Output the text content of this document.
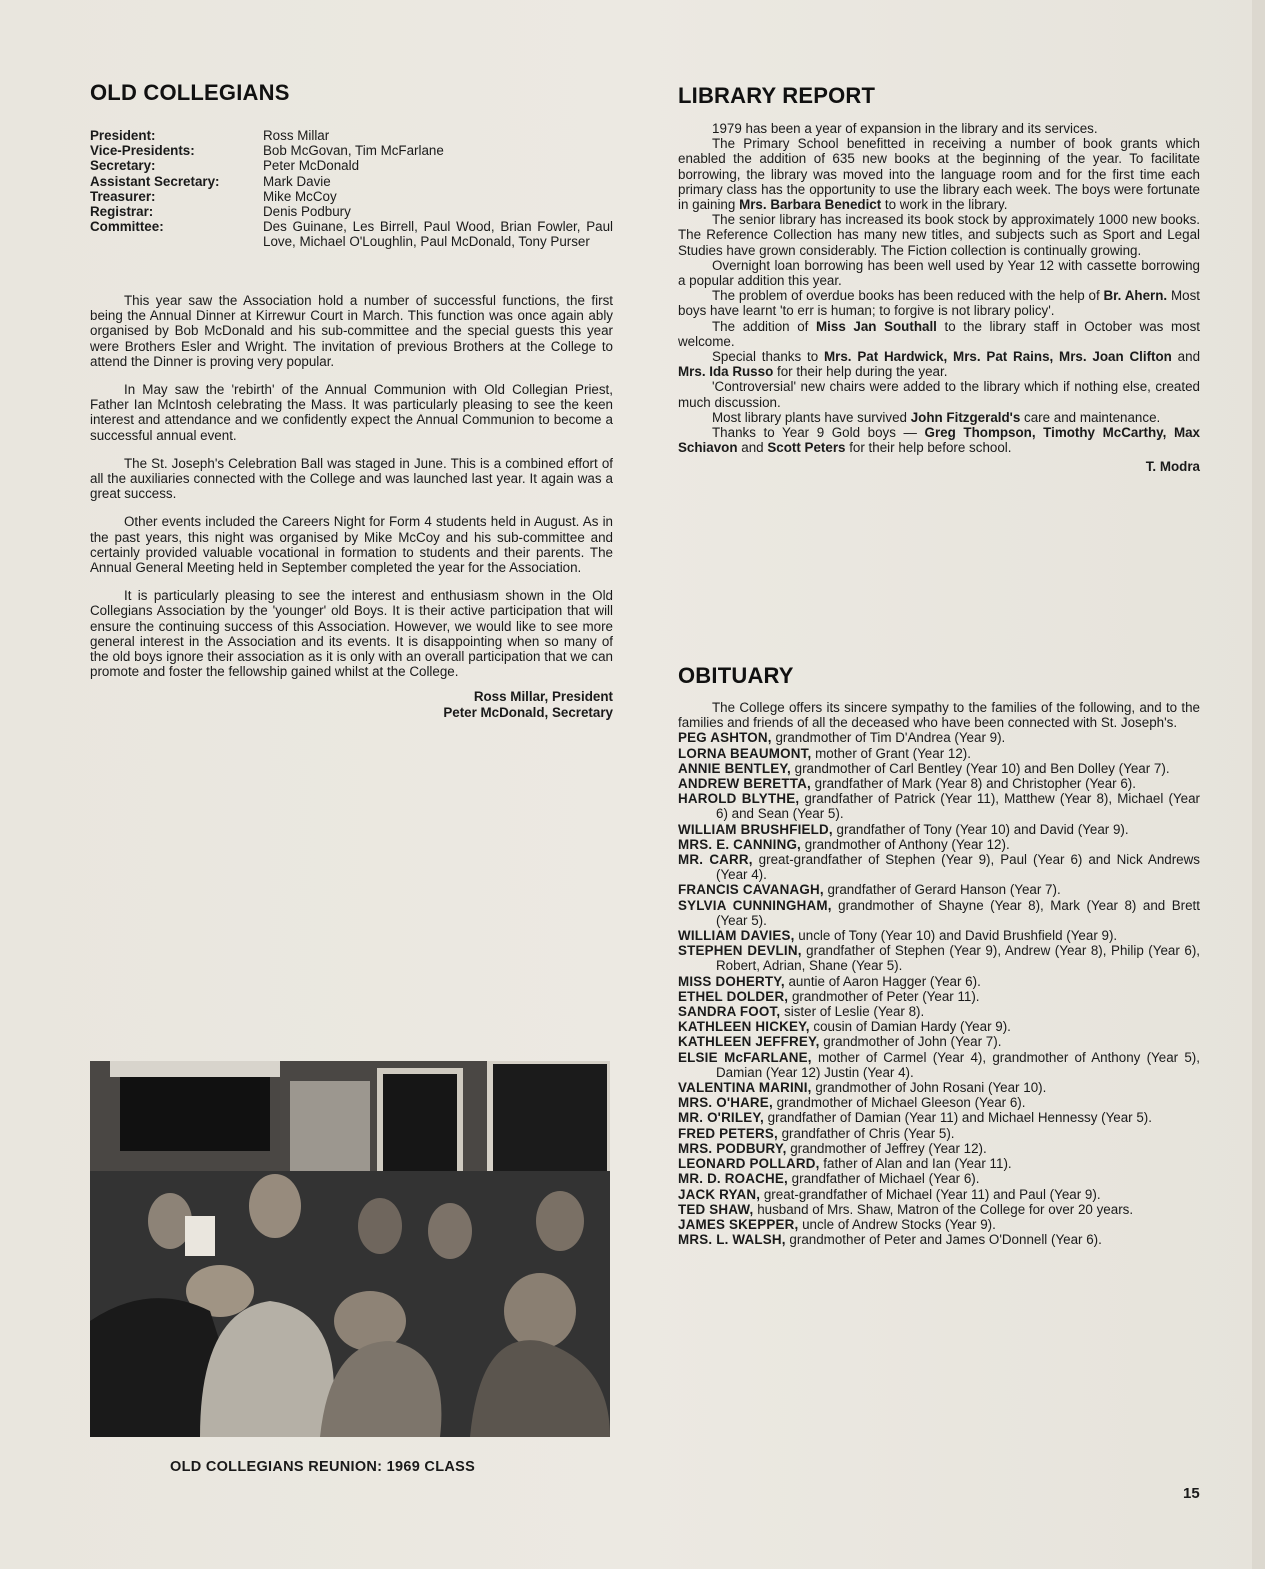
OLD COLLEGIANS
President:	Ross Millar
Vice-Presidents:	Bob McGovan, Tim McFarlane
Secretary:	Peter McDonald
Assistant Secretary:	Mark Davie
Treasurer:	Mike McCoy
Registrar:	Denis Podbury
Committee:	Des Guinane, Les Birrell, Paul Wood, Brian Fowler, Paul Love, Michael O'Loughlin, Paul McDonald, Tony Purser

This year saw the Association hold a number of successful functions, the first being the Annual Dinner at Kirrewur Court in March. This function was once again ably organised by Bob McDonald and his sub-committee and the special guests this year were Brothers Esler and Wright. The invitation of previous Brothers at the College to attend the Dinner is proving very popular.

In May saw the 'rebirth' of the Annual Communion with Old Collegian Priest, Father Ian McIntosh celebrating the Mass. It was particularly pleasing to see the keen interest and attendance and we confidently expect the Annual Communion to become a successful annual event.

The St. Joseph's Celebration Ball was staged in June. This is a combined effort of all the auxiliaries connected with the College and was launched last year. It again was a great success.

Other events included the Careers Night for Form 4 students held in August. As in the past years, this night was organised by Mike McCoy and his sub-committee and certainly provided valuable vocational in formation to students and their parents. The Annual General Meeting held in September completed the year for the Association.

It is particularly pleasing to see the interest and enthusiasm shown in the Old Collegians Association by the 'younger' old Boys. It is their active participation that will ensure the continuing success of this Association. However, we would like to see more general interest in the Association and its events. It is disappointing when so many of the old boys ignore their association as it is only with an overall participation that we can promote and foster the fellowship gained whilst at the College.

Ross Millar, President
Peter McDonald, Secretary
OLD COLLEGIANS REUNION: 1969 CLASS
LIBRARY REPORT

1979 has been a year of expansion in the library and its services.

The Primary School benefitted in receiving a number of book grants which enabled the addition of 635 new books at the beginning of the year. To facilitate borrowing, the library was moved into the language room and for the first time each primary class has the opportunity to use the library each week. The boys were fortunate in gaining Mrs. Barbara Benedict to work in the library.

The senior library has increased its book stock by approximately 1000 new books. The Reference Collection has many new titles, and subjects such as Sport and Legal Studies have grown considerably. The Fiction collection is continually growing.

Overnight loan borrowing has been well used by Year 12 with cassette borrowing a popular addition this year.

The problem of overdue books has been reduced with the help of Br. Ahern. Most boys have learnt 'to err is human; to forgive is not library policy'.

The addition of Miss Jan Southall to the library staff in October was most welcome.

Special thanks to Mrs. Pat Hardwick, Mrs. Pat Rains, Mrs. Joan Clifton and Mrs. Ida Russo for their help during the year.

'Controversial' new chairs were added to the library which if nothing else, created much discussion.

Most library plants have survived John Fitzgerald's care and maintenance.

Thanks to Year 9 Gold boys — Greg Thompson, Timothy McCarthy, Max Schiavon and Scott Peters for their help before school.

T. Modra
OBITUARY

The College offers its sincere sympathy to the families of the following, and to the families and friends of all the deceased who have been connected with St. Joseph's.

PEG ASHTON, grandmother of Tim D'Andrea (Year 9).

LORNA BEAUMONT, mother of Grant (Year 12).

ANNIE BENTLEY, grandmother of Carl Bentley (Year 10) and Ben Dolley (Year 7).

ANDREW BERETTA, grandfather of Mark (Year 8) and Christopher (Year 6).

HAROLD BLYTHE, grandfather of Patrick (Year 11), Matthew (Year 8), Michael (Year 6) and Sean (Year 5).

WILLIAM BRUSHFIELD, grandfather of Tony (Year 10) and David (Year 9).

MRS. E. CANNING, grandmother of Anthony (Year 12).

MR. CARR, great-grandfather of Stephen (Year 9), Paul (Year 6) and Nick Andrews (Year 4).

FRANCIS CAVANAGH, grandfather of Gerard Hanson (Year 7).

SYLVIA CUNNINGHAM, grandmother of Shayne (Year 8), Mark (Year 8) and Brett (Year 5).

WILLIAM DAVIES, uncle of Tony (Year 10) and David Brushfield (Year 9).

STEPHEN DEVLIN, grandfather of Stephen (Year 9), Andrew (Year 8), Philip (Year 6), Robert, Adrian, Shane (Year 5).

MISS DOHERTY, auntie of Aaron Hagger (Year 6).

ETHEL DOLDER, grandmother of Peter (Year 11).

SANDRA FOOT, sister of Leslie (Year 8).

KATHLEEN HICKEY, cousin of Damian Hardy (Year 9).

KATHLEEN JEFFREY, grandmother of John (Year 7).

ELSIE McFARLANE, mother of Carmel (Year 4), grandmother of Anthony (Year 5), Damian (Year 12) Justin (Year 4).

VALENTINA MARINI, grandmother of John Rosani (Year 10).

MRS. O'HARE, grandmother of Michael Gleeson (Year 6).

MR. O'RILEY, grandfather of Damian (Year 11) and Michael Hennessy (Year 5).

FRED PETERS, grandfather of Chris (Year 5).

MRS. PODBURY, grandmother of Jeffrey (Year 12).

LEONARD POLLARD, father of Alan and Ian (Year 11).

MR. D. ROACHE, grandfather of Michael (Year 6).

JACK RYAN, great-grandfather of Michael (Year 11) and Paul (Year 9).

TED SHAW, husband of Mrs. Shaw, Matron of the College for over 20 years.

JAMES SKEPPER, uncle of Andrew Stocks (Year 9).

MRS. L. WALSH, grandmother of Peter and James O'Donnell (Year 6).

15
